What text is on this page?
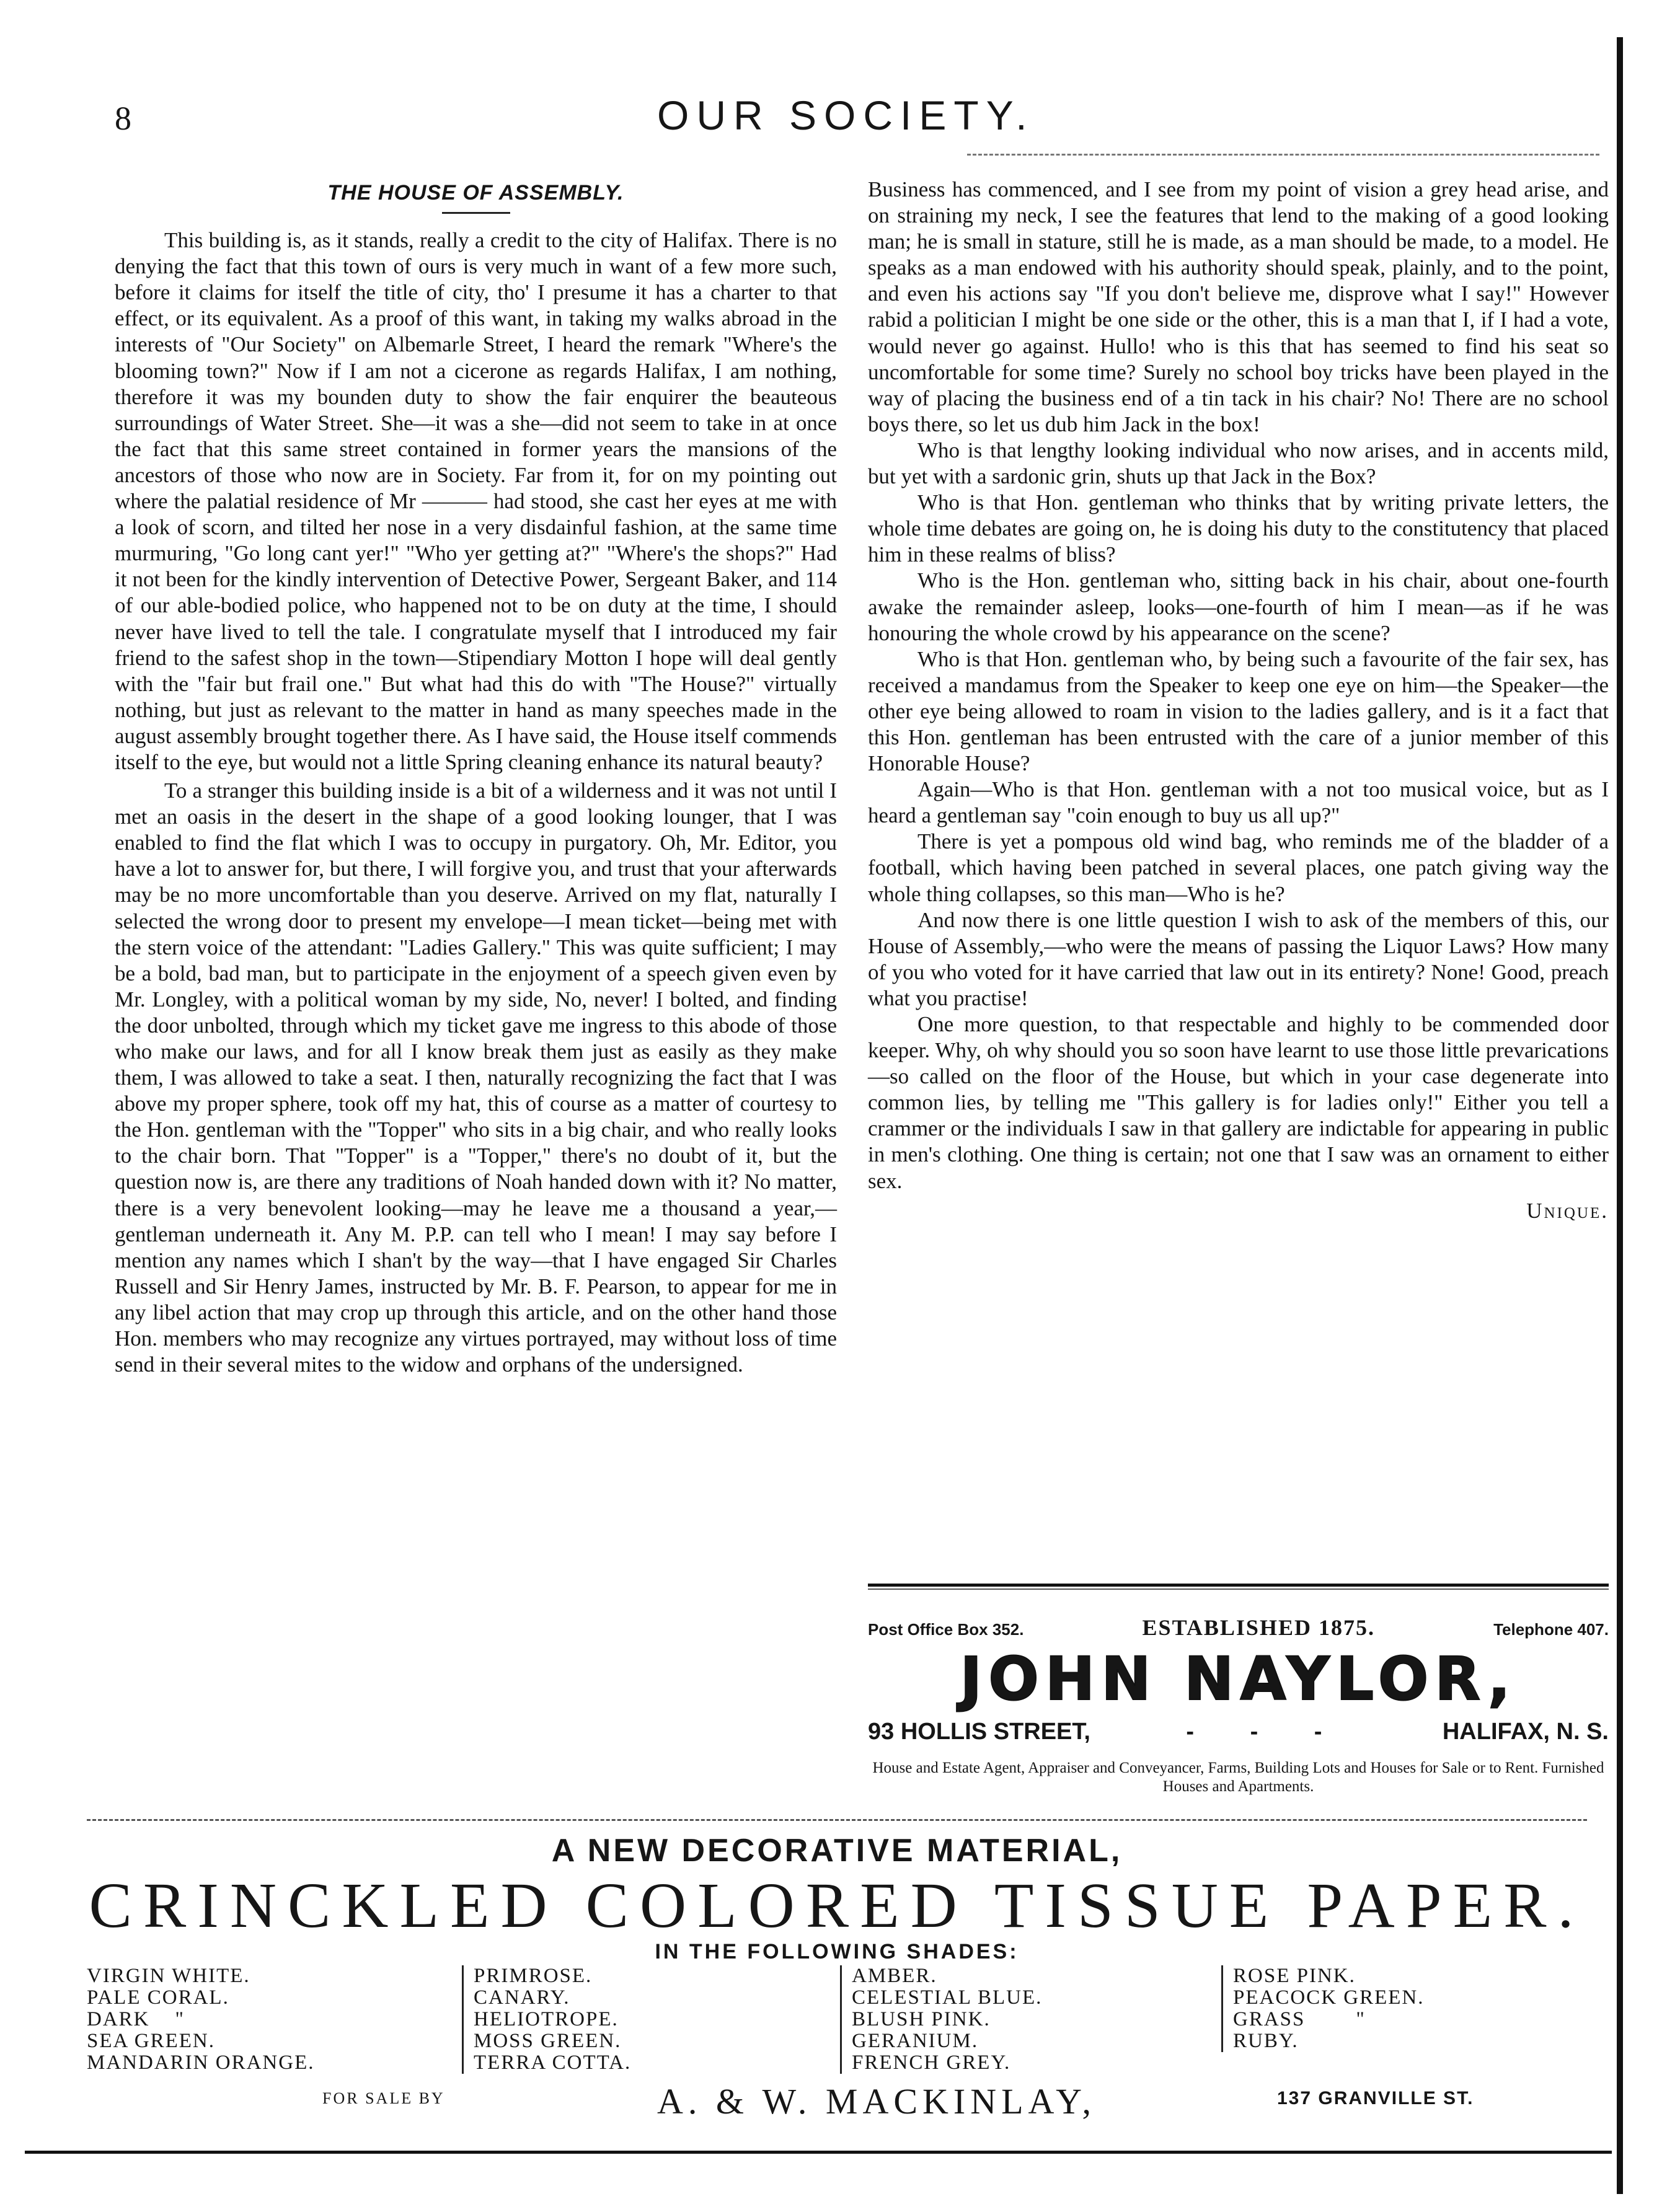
8	OUR SOCIETY.
THE HOUSE OF ASSEMBLY.

This building is, as it stands, really a credit to the city of Halifax. There is no denying the fact that this town of ours is very much in want of a few more such, before it claims for itself the title of city, tho' I presume it has a charter to that effect, or its equivalent. As a proof of this want, in taking my walks abroad in the interests of "Our Society" on Albemarle Street, I heard the remark "Where's the blooming town?" Now if I am not a cicerone as regards Halifax, I am nothing, therefore it was my bounden duty to show the fair enquirer the beauteous surroundings of Water Street. She—it was a she—did not seem to take in at once the fact that this same street contained in former years the mansions of the ancestors of those who now are in Society. Far from it, for on my pointing out where the palatial residence of Mr ——— had stood, she cast her eyes at me with a look of scorn, and tilted her nose in a very disdainful fashion, at the same time murmuring, "Go long cant yer!" "Who yer getting at?" "Where's the shops?" Had it not been for the kindly intervention of Detective Power, Sergeant Baker, and 114 of our able-bodied police, who happened not to be on duty at the time, I should never have lived to tell the tale. I congratulate myself that I introduced my fair friend to the safest shop in the town—Stipendiary Motton I hope will deal gently with the "fair but frail one." But what had this do with "The House?" virtually nothing, but just as relevant to the matter in hand as many speeches made in the august assembly brought together there. As I have said, the House itself commends itself to the eye, but would not a little Spring cleaning enhance its natural beauty?

To a stranger this building inside is a bit of a wilderness and it was not until I met an oasis in the desert in the shape of a good looking lounger, that I was enabled to find the flat which I was to occupy in purgatory. Oh, Mr. Editor, you have a lot to answer for, but there, I will forgive you, and trust that your afterwards may be no more uncomfortable than you deserve. Arrived on my flat, naturally I selected the wrong door to present my envelope—I mean ticket—being met with the stern voice of the attendant: "Ladies Gallery." This was quite sufficient; I may be a bold, bad man, but to participate in the enjoyment of a speech given even by Mr. Longley, with a political woman by my side, No, never! I bolted, and finding the door unbolted, through which my ticket gave me ingress to this abode of those who make our laws, and for all I know break them just as easily as they make them, I was allowed to take a seat. I then, naturally recognizing the fact that I was above my proper sphere, took off my hat, this of course as a matter of courtesy to the Hon. gentleman with the "Topper" who sits in a big chair, and who really looks to the chair born. That "Topper" is a "Topper," there's no doubt of it, but the question now is, are there any traditions of Noah handed down with it? No matter, there is a very benevolent looking—may he leave me a thousand a year,—gentleman underneath it. Any M. P.P. can tell who I mean! I may say before I mention any names which I shan't by the way—that I have engaged Sir Charles Russell and Sir Henry James, instructed by Mr. B. F. Pearson, to appear for me in any libel action that may crop up through this article, and on the other hand those Hon. members who may recognize any virtues portrayed, may without loss of time send in their several mites to the widow and orphans of the undersigned.

Business has commenced, and I see from my point of vision a grey head arise, and on straining my neck, I see the features that lend to the making of a good looking man; he is small in stature, still he is made, as a man should be made, to a model. He speaks as a man endowed with his authority should speak, plainly, and to the point, and even his actions say "If you don't believe me, disprove what I say!" However rabid a politician I might be one side or the other, this is a man that I, if I had a vote, would never go against. Hullo! who is this that has seemed to find his seat so uncomfortable for some time? Surely no school boy tricks have been played in the way of placing the business end of a tin tack in his chair? No! There are no school boys there, so let us dub him Jack in the box!

Who is that lengthy looking individual who now arises, and in accents mild, but yet with a sardonic grin, shuts up that Jack in the Box?

Who is that Hon. gentleman who thinks that by writing private letters, the whole time debates are going on, he is doing his duty to the constitutency that placed him in these realms of bliss?

Who is the Hon. gentleman who, sitting back in his chair, about one-fourth awake the remainder asleep, looks—one-fourth of him I mean—as if he was honouring the whole crowd by his appearance on the scene?

Who is that Hon. gentleman who, by being such a favourite of the fair sex, has received a mandamus from the Speaker to keep one eye on him—the Speaker—the other eye being allowed to roam in vision to the ladies gallery, and is it a fact that this Hon. gentleman has been entrusted with the care of a junior member of this Honorable House?

Again—Who is that Hon. gentleman with a not too musical voice, but as I heard a gentleman say "coin enough to buy us all up?"

There is yet a pompous old wind bag, who reminds me of the bladder of a football, which having been patched in several places, one patch giving way the whole thing collapses, so this man—Who is he?

And now there is one little question I wish to ask of the members of this, our House of Assembly,—who were the means of passing the Liquor Laws? How many of you who voted for it have carried that law out in its entirety? None! Good, preach what you practise!

One more question, to that respectable and highly to be commended door keeper. Why, oh why should you so soon have learnt to use those little prevarications—so called on the floor of the House, but which in your case degenerate into common lies, by telling me "This gallery is for ladies only!" Either you tell a crammer or the individuals I saw in that gallery are indictable for appearing in public in men's clothing. One thing is certain; not one that I saw was an ornament to either sex.

Unique.
Post Office Box 352.	ESTABLISHED 1875.	Telephone 407.
JOHN NAYLOR,
93 HOLLIS STREET,	- - -	HALIFAX, N. S.
House and Estate Agent, Appraiser and Conveyancer, Farms, Building Lots and Houses for Sale or to Rent. Furnished Houses and Apartments.
A NEW DECORATIVE MATERIAL,
CRINCKLED COLORED TISSUE PAPER.
IN THE FOLLOWING SHADES:
VIRGIN WHITE.
PALE CORAL.
DARK    "
SEA GREEN.
MANDARIN ORANGE.
PRIMROSE.
CANARY.
HELIOTROPE.
MOSS GREEN.
TERRA COTTA.
AMBER.
CELESTIAL BLUE.
BLUSH PINK.
GERANIUM.
FRENCH GREY.
ROSE PINK.
PEACOCK GREEN.
GRASS        "
RUBY.
FOR SALE BY	A. & W. MACKINLAY,	137 GRANVILLE ST.
